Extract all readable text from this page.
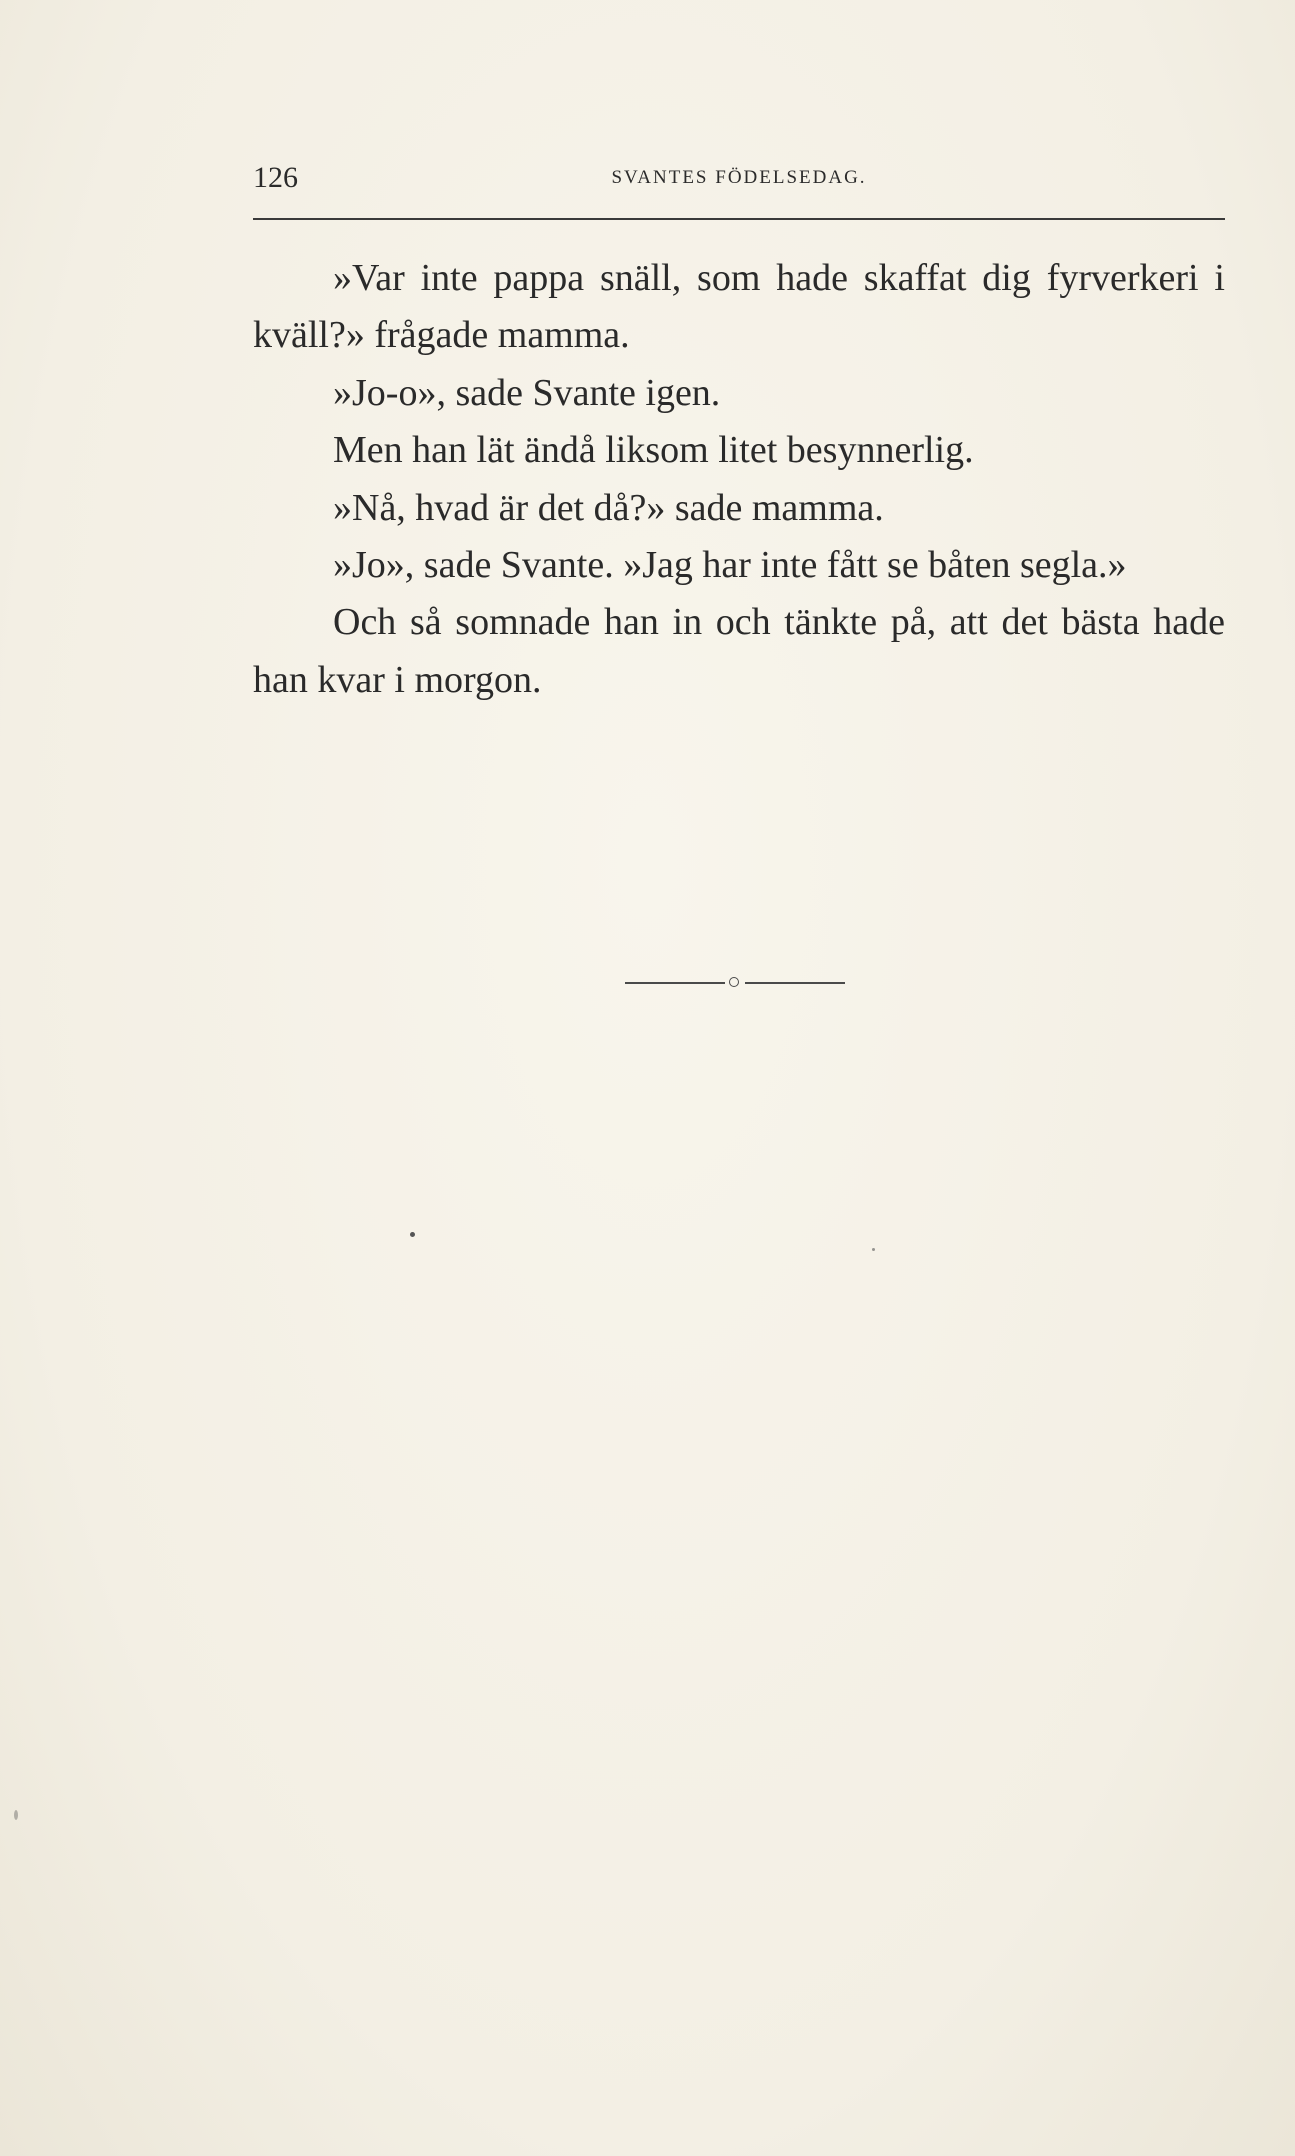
126	SVANTES FÖDELSEDAG.

»Var inte pappa snäll, som hade skaffat dig fyrverkeri i kväll?» frågade mamma.

»Jo-o», sade Svante igen.

Men han lät ändå liksom litet besynnerlig.

»Nå, hvad är det då?» sade mamma.

»Jo», sade Svante. »Jag har inte fått se båten segla.»

Och så somnade han in och tänkte på, att det bästa hade han kvar i morgon.
